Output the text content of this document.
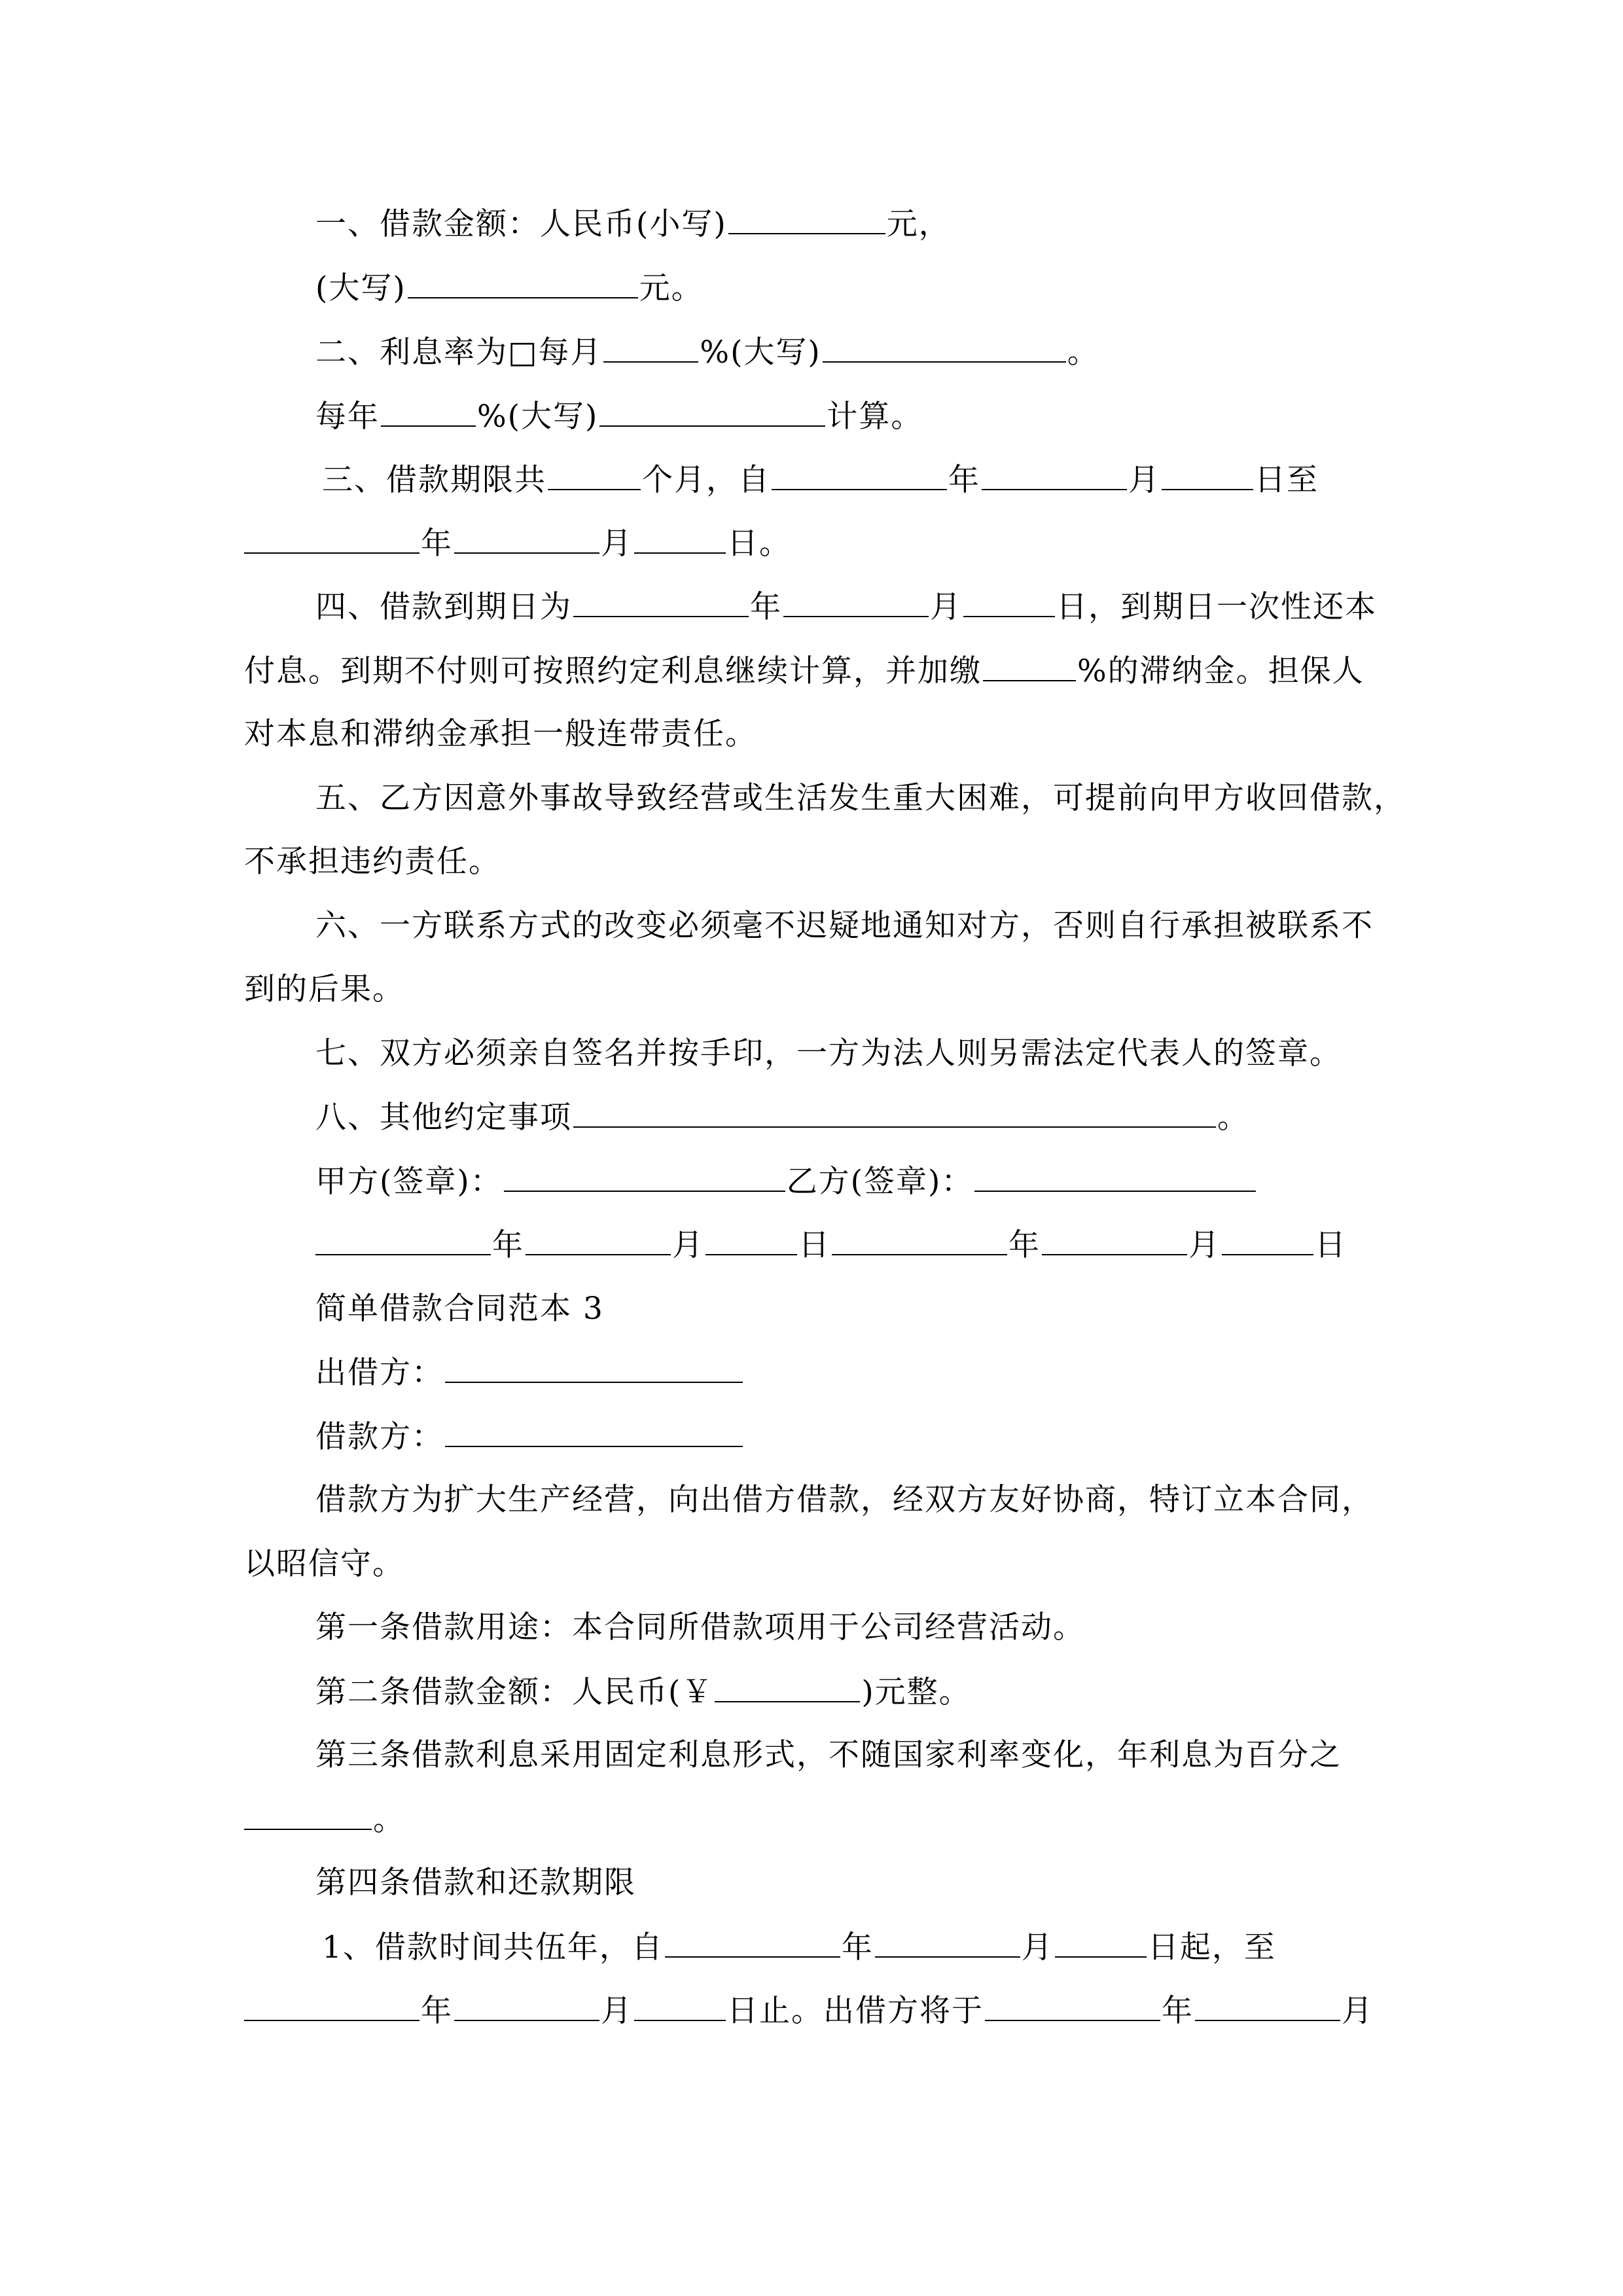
一、借款金额：人民币(小写)	元，
(大写)	元。
二、利息率为□每月	%(大写)	。
每年	%(大写)	计算。
三、借款期限共	个月，自	年	月	日至
年	月	日。
四、借款到期日为	年	月	日，到期日一次性还本
付息。到期不付则可按照约定利息继续计算，并加缴	%的滞纳金。担保人
对本息和滞纳金承担一般连带责任。
五、乙方因意外事故导致经营或生活发生重大困难，可提前向甲方收回借款，
不承担违约责任。
六、一方联系方式的改变必须毫不迟疑地通知对方，否则自行承担被联系不
到的后果。
七、双方必须亲自签名并按手印，一方为法人则另需法定代表人的签章。
八、其他约定事项	。
甲方(签章)：	乙方(签章)：
年	月	日	年	月	日
简单借款合同范本 3
出借方：
借款方：
借款方为扩大生产经营，向出借方借款，经双方友好协商，特订立本合同，
以昭信守。
第一条借款用途：本合同所借款项用于公司经营活动。
第二条借款金额：人民币(￥	)元整。
第三条借款利息采用固定利息形式，不随国家利率变化，年利息为百分之
。
第四条借款和还款期限
1、借款时间共伍年，自	年	月	日起，至
年	月	日止。出借方将于	年	月
